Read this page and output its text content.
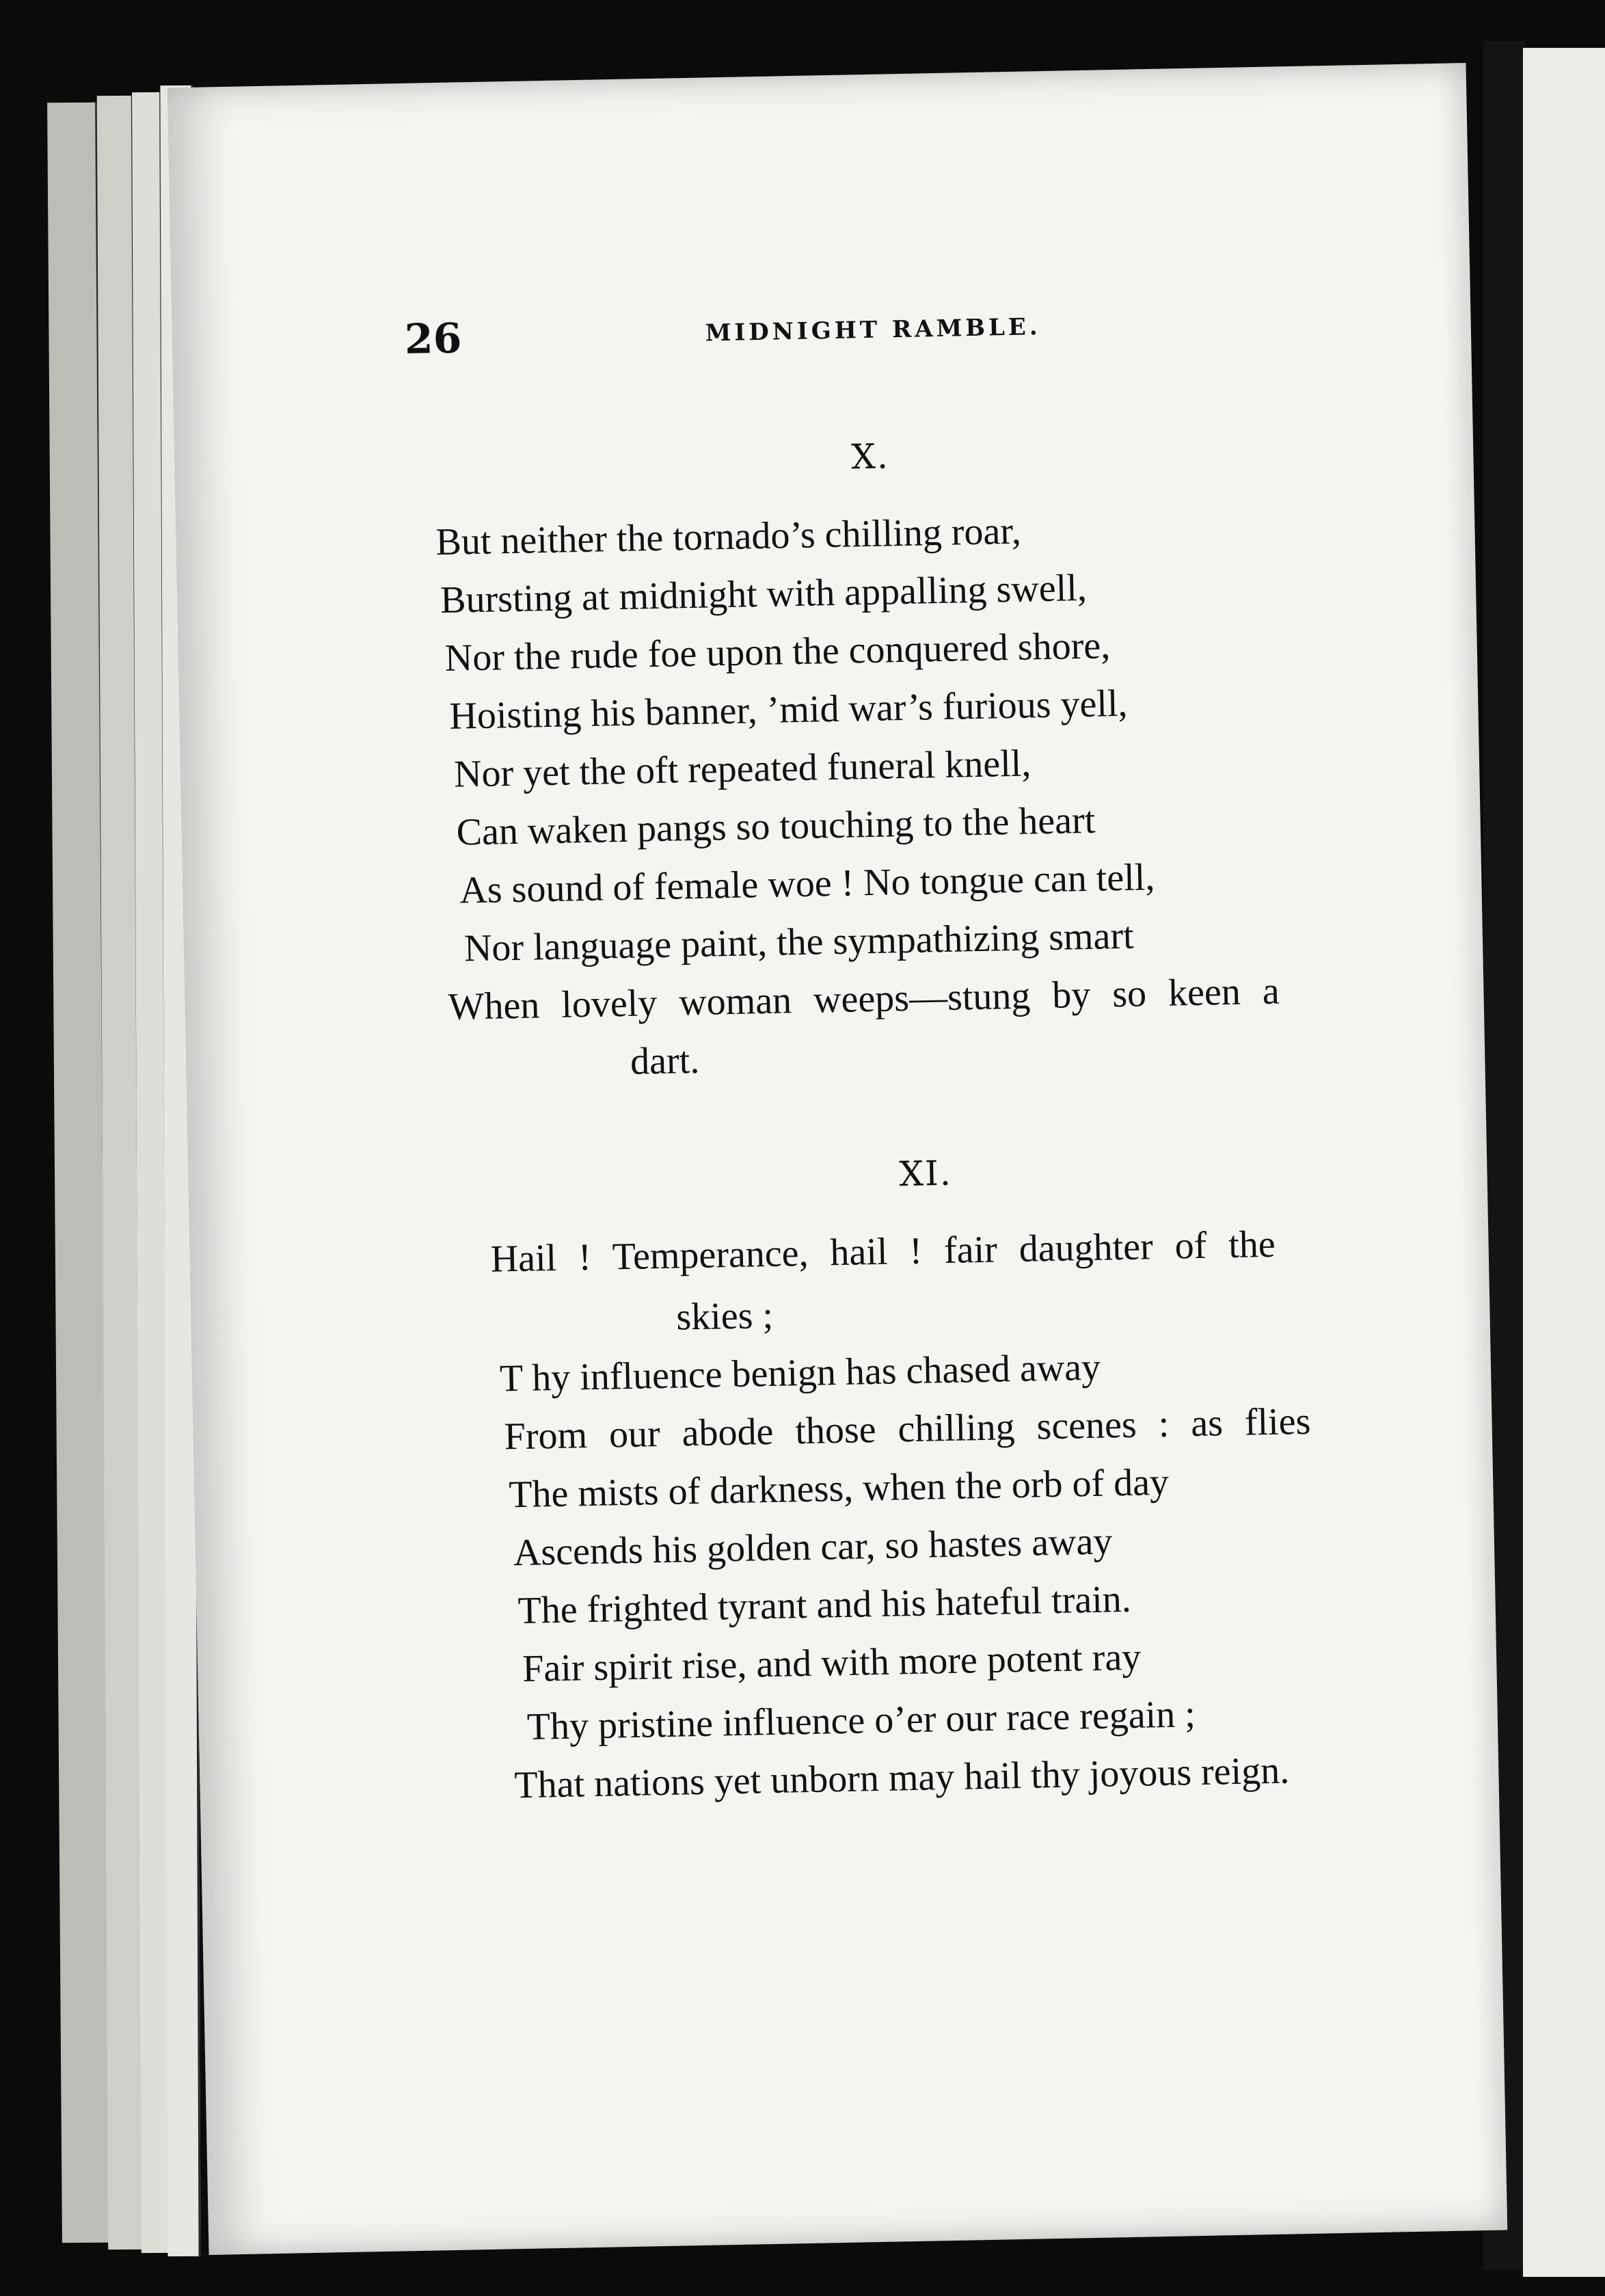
26	MIDNIGHT RAMBLE.
X.
But neither the tornado’s chilling roar,
Bursting at midnight with appalling swell,
Nor the rude foe upon the conquered shore,
Hoisting his banner, ’mid war’s furious yell,
Nor yet the oft repeated funeral knell,
Can waken pangs so touching to the heart
As sound of female woe ! No tongue can tell,
Nor language paint, the sympathizing smart
When lovely woman weeps—stung by so keen a
dart.
XI.
Hail ! Temperance, hail ! fair daughter of the
skies ;
T hy influence benign has chased away
From our abode those chilling scenes : as flies
The mists of darkness, when the orb of day
Ascends his golden car, so hastes away
The frighted tyrant and his hateful train.
Fair spirit rise, and with more potent ray
Thy pristine influence o’er our race regain ;
That nations yet unborn may hail thy joyous reign.
